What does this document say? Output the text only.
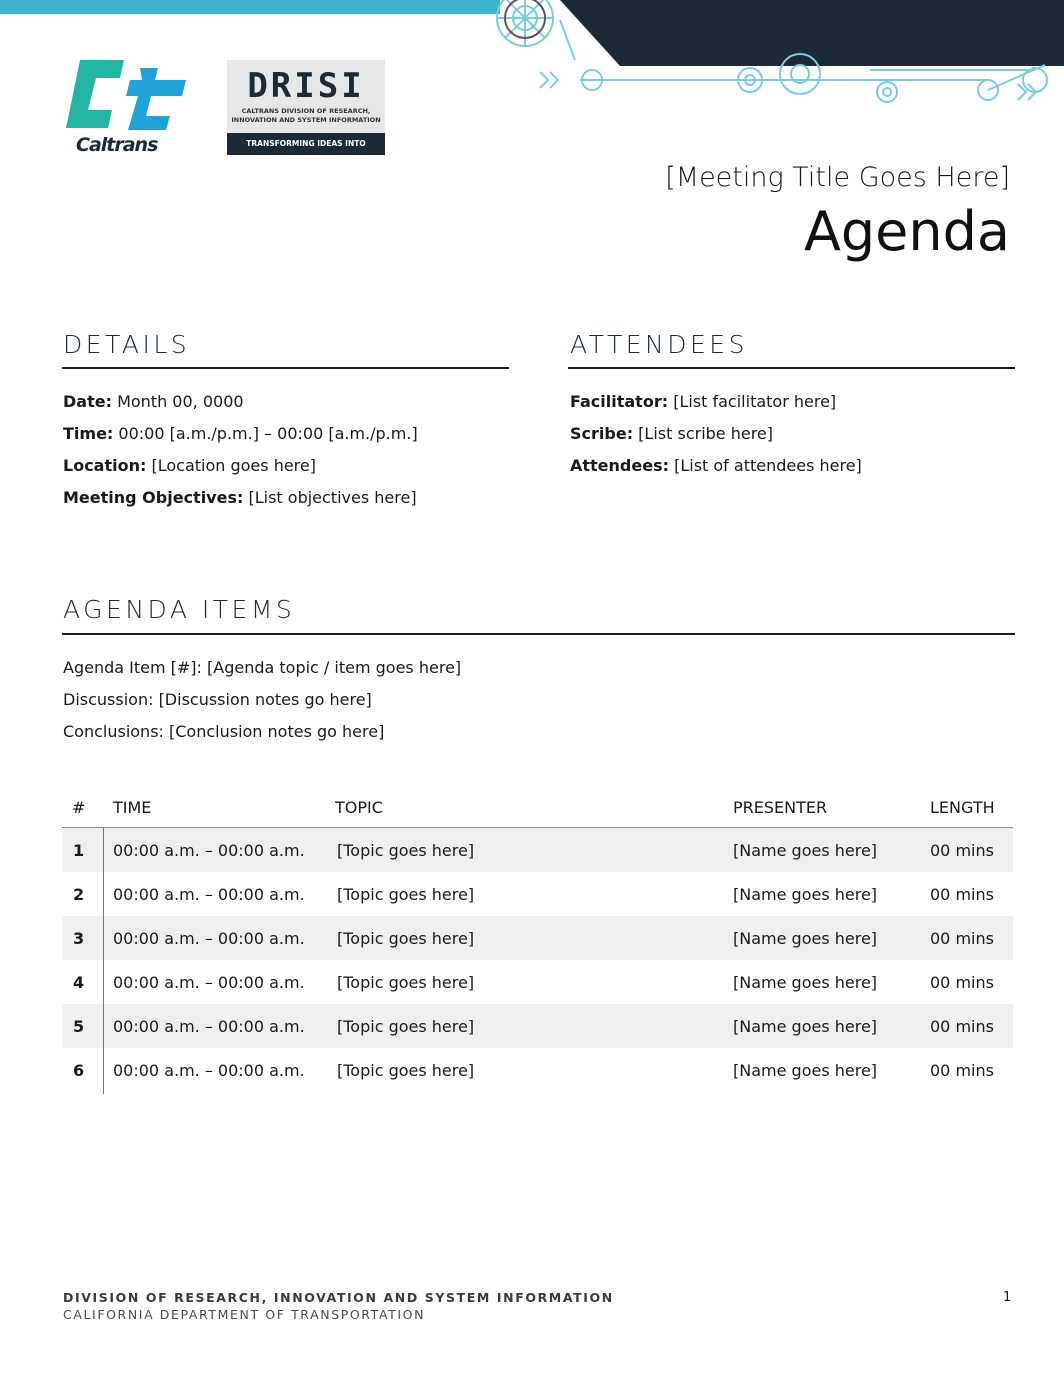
Caltrans
DRISI
CALTRANS DIVISION OF RESEARCH, INNOVATION AND SYSTEM INFORMATION
TRANSFORMING IDEAS INTO SOLUTIONS	[Meeting Title Goes Here]
Agenda
DETAILS
Date: Month 00, 0000
Time: 00:00 [a.m./p.m.] – 00:00 [a.m./p.m.]
Location: [Location goes here]
Meeting Objectives: [List objectives here]
ATTENDEES
Facilitator: [List facilitator here]
Scribe: [List scribe here]
Attendees: [List of attendees here]
AGENDA ITEMS
Agenda Item [#]: [Agenda topic / item goes here]
Discussion: [Discussion notes go here]
Conclusions: [Conclusion notes go here]
# TIME	TOPIC	PRESENTER	LENGTH
1 00:00 a.m. – 00:00 a.m. [Topic goes here]	[Name goes here]	00 mins
2 00:00 a.m. – 00:00 a.m. [Topic goes here]	[Name goes here]	00 mins
3 00:00 a.m. – 00:00 a.m. [Topic goes here]	[Name goes here]	00 mins
4 00:00 a.m. – 00:00 a.m. [Topic goes here]	[Name goes here]	00 mins
5 00:00 a.m. – 00:00 a.m. [Topic goes here]	[Name goes here]	00 mins
6 00:00 a.m. – 00:00 a.m. [Topic goes here]	[Name goes here]	00 mins
DIVISION OF RESEARCH, INNOVATION AND SYSTEM INFORMATION
CALIFORNIA DEPARTMENT OF TRANSPORTATION
1
